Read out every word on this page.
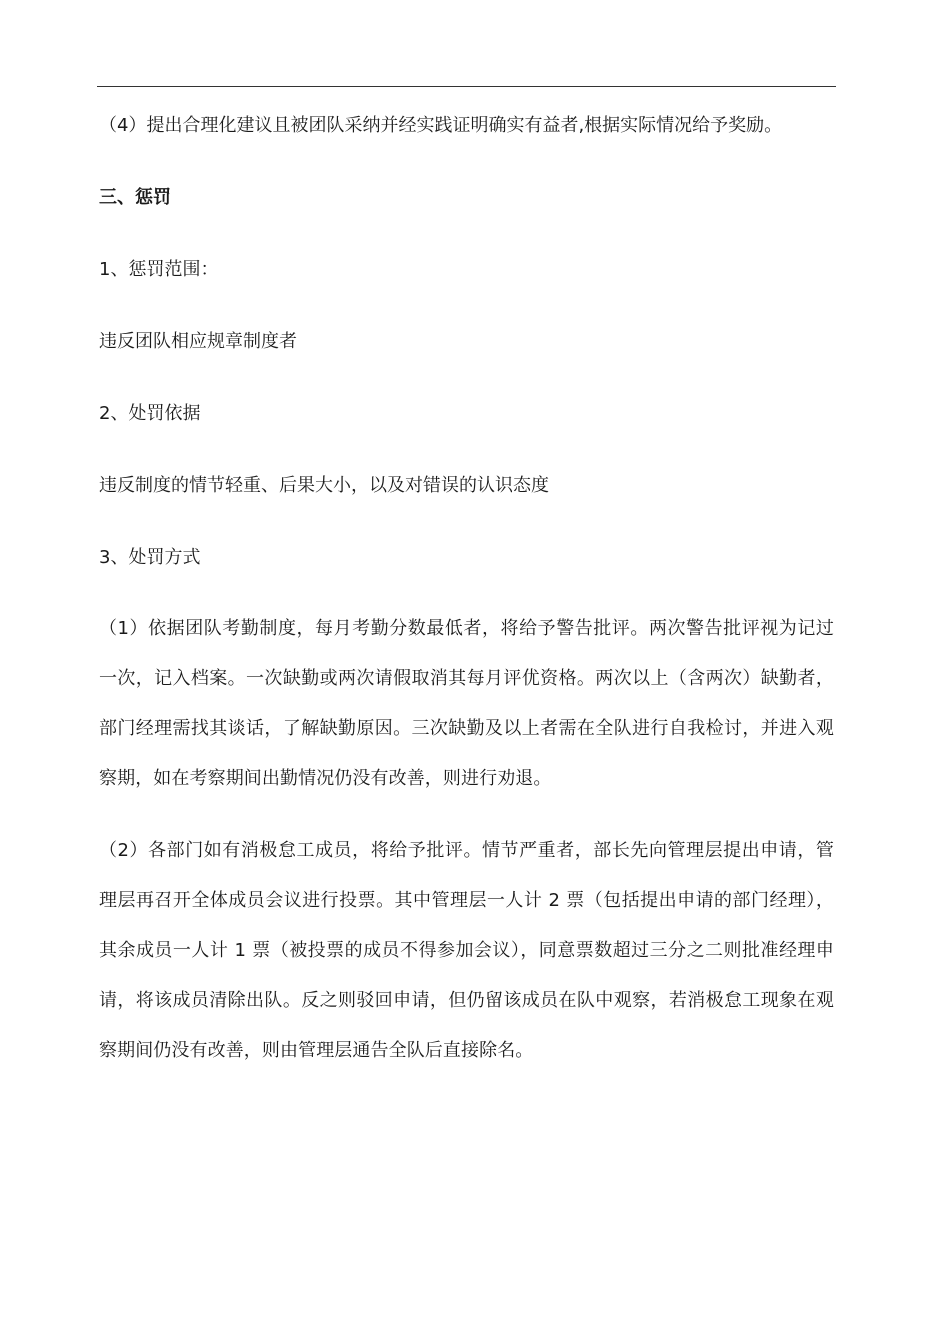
（4）提出合理化建议且被团队采纳并经实践证明确实有益者,根据实际情况给予奖励。

三、惩罚

1、惩罚范围：

违反团队相应规章制度者

2、处罚依据

违反制度的情节轻重、后果大小，以及对错误的认识态度

3、处罚方式

（1）依据团队考勤制度，每月考勤分数最低者，将给予警告批评。两次警告批评视为记过一次，记入档案。一次缺勤或两次请假取消其每月评优资格。两次以上（含两次）缺勤者，部门经理需找其谈话，了解缺勤原因。三次缺勤及以上者需在全队进行自我检讨，并进入观察期，如在考察期间出勤情况仍没有改善，则进行劝退。

（2）各部门如有消极怠工成员，将给予批评。情节严重者，部长先向管理层提出申请，管理层再召开全体成员会议进行投票。其中管理层一人计 2 票（包括提出申请的部门经理），其余成员一人计 1 票（被投票的成员不得参加会议），同意票数超过三分之二则批准经理申请，将该成员清除出队。反之则驳回申请，但仍留该成员在队中观察，若消极怠工现象在观察期间仍没有改善，则由管理层通告全队后直接除名。
